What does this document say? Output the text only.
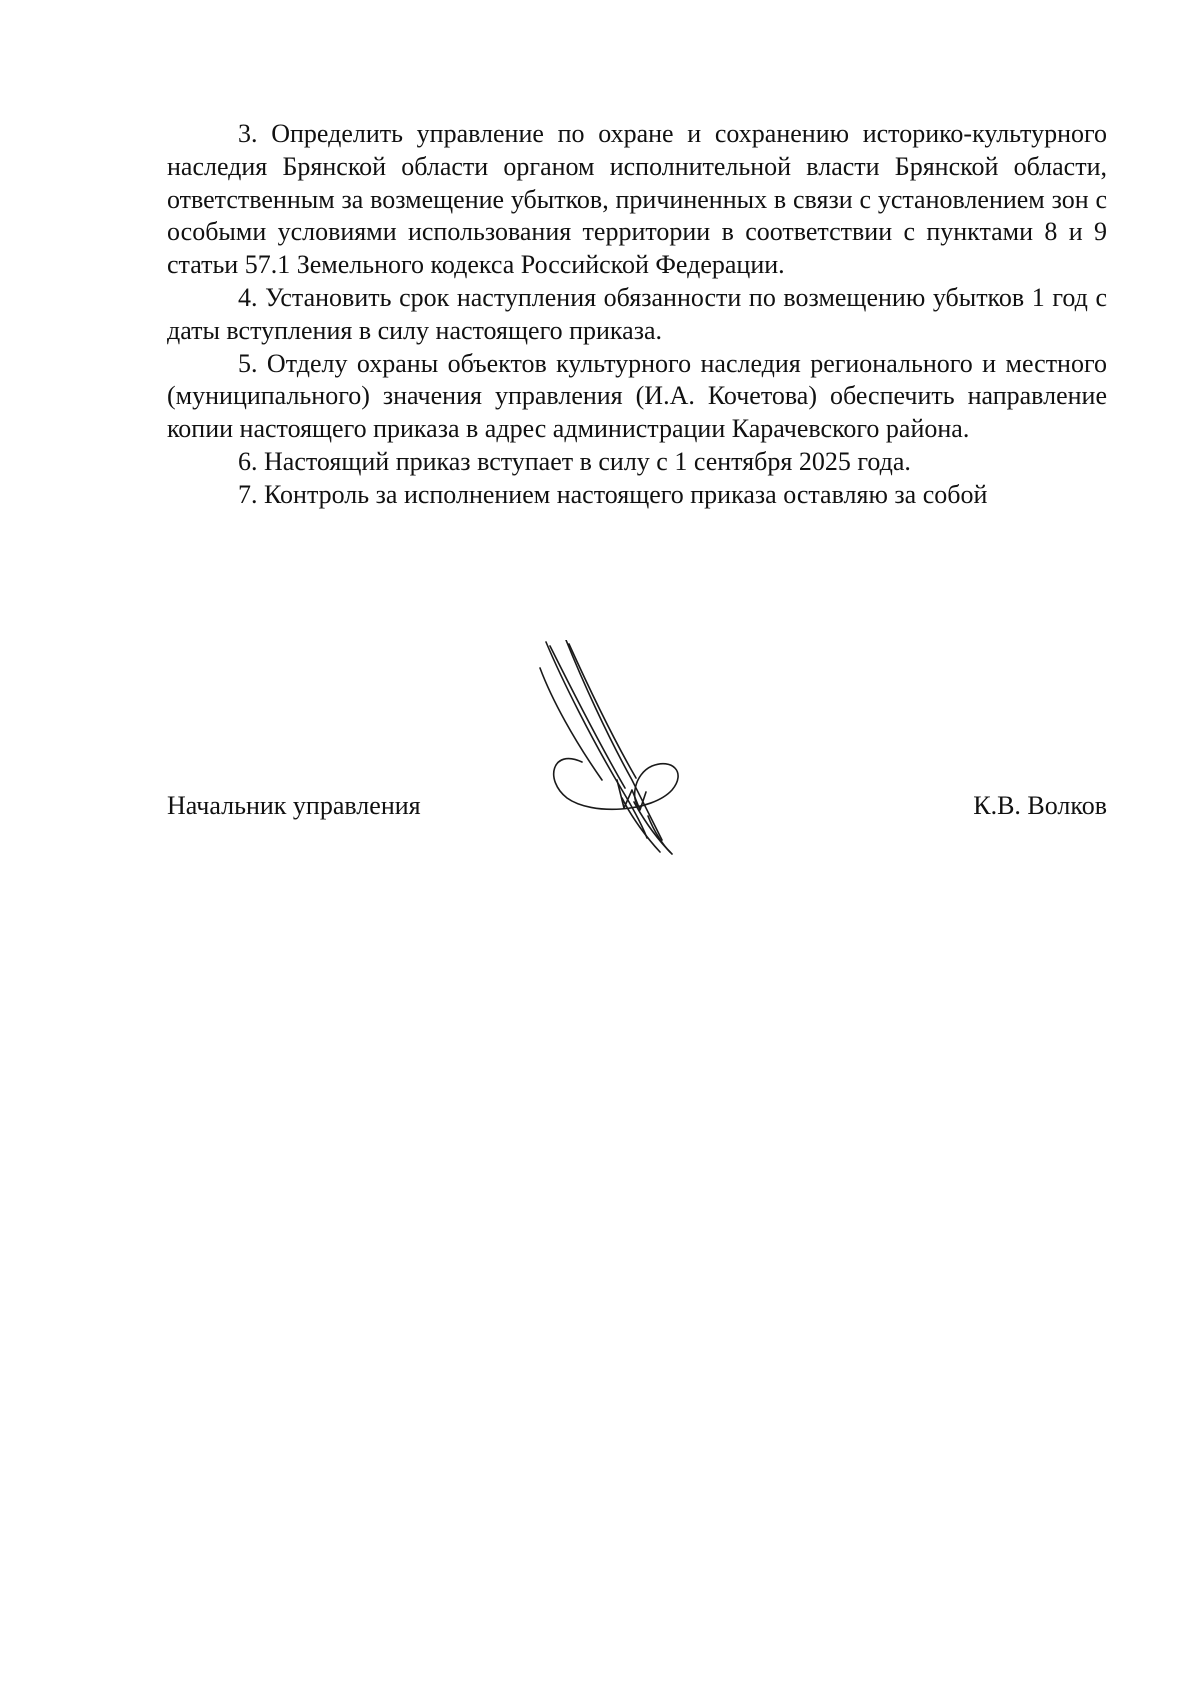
3. Определить управление по охране и сохранению историко-культурного наследия Брянской области органом исполнительной власти Брянской области, ответственным за возмещение убытков, причиненных в связи с установлением зон с особыми условиями использования территории в соответствии с пунктами 8 и 9 статьи 57.1 Земельного кодекса Российской Федерации.

4. Установить срок наступления обязанности по возмещению убытков 1 год с даты вступления в силу настоящего приказа.

5. Отделу охраны объектов культурного наследия регионального и местного (муниципального) значения управления (И.А. Кочетова) обеспечить направление копии настоящего приказа в адрес администрации Карачевского района.

6. Настоящий приказ вступает в силу с 1 сентября 2025 года.

7. Контроль за исполнением настоящего приказа оставляю за собой

Начальник управления	К.В. Волков
